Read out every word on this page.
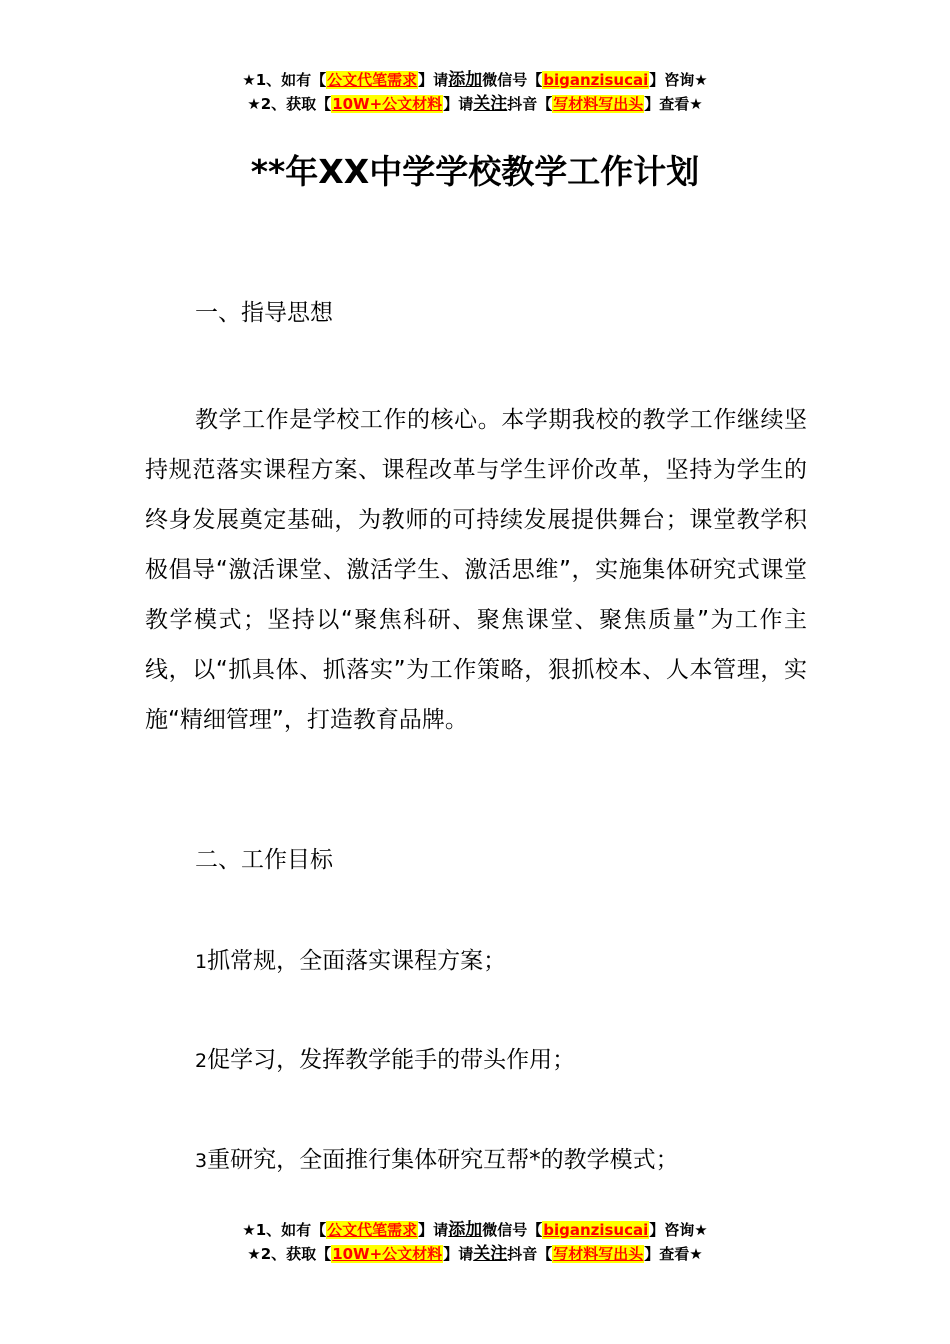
★1、如有【公文代笔需求】请添加微信号【biganzisucai】咨询★
★2、获取【10W+公文材料】请关注抖音【写材料写出头】查看★
**年XX中学学校教学工作计划

一、指导思想

教学工作是学校工作的核心。本学期我校的教学工作继续坚持规范落实课程方案、课程改革与学生评价改革，坚持为学生的终身发展奠定基础，为教师的可持续发展提供舞台；课堂教学积极倡导“激活课堂、激活学生、激活思维”，实施集体研究式课堂教学模式；坚持以“聚焦科研、聚焦课堂、聚焦质量”为工作主线，以“抓具体、抓落实”为工作策略，狠抓校本、人本管理，实施“精细管理”，打造教育品牌。

二、工作目标

1抓常规，全面落实课程方案；

2促学习，发挥教学能手的带头作用；

3重研究，全面推行集体研究互帮*的教学模式；

★1、如有【公文代笔需求】请添加微信号【biganzisucai】咨询★
★2、获取【10W+公文材料】请关注抖音【写材料写出头】查看★
